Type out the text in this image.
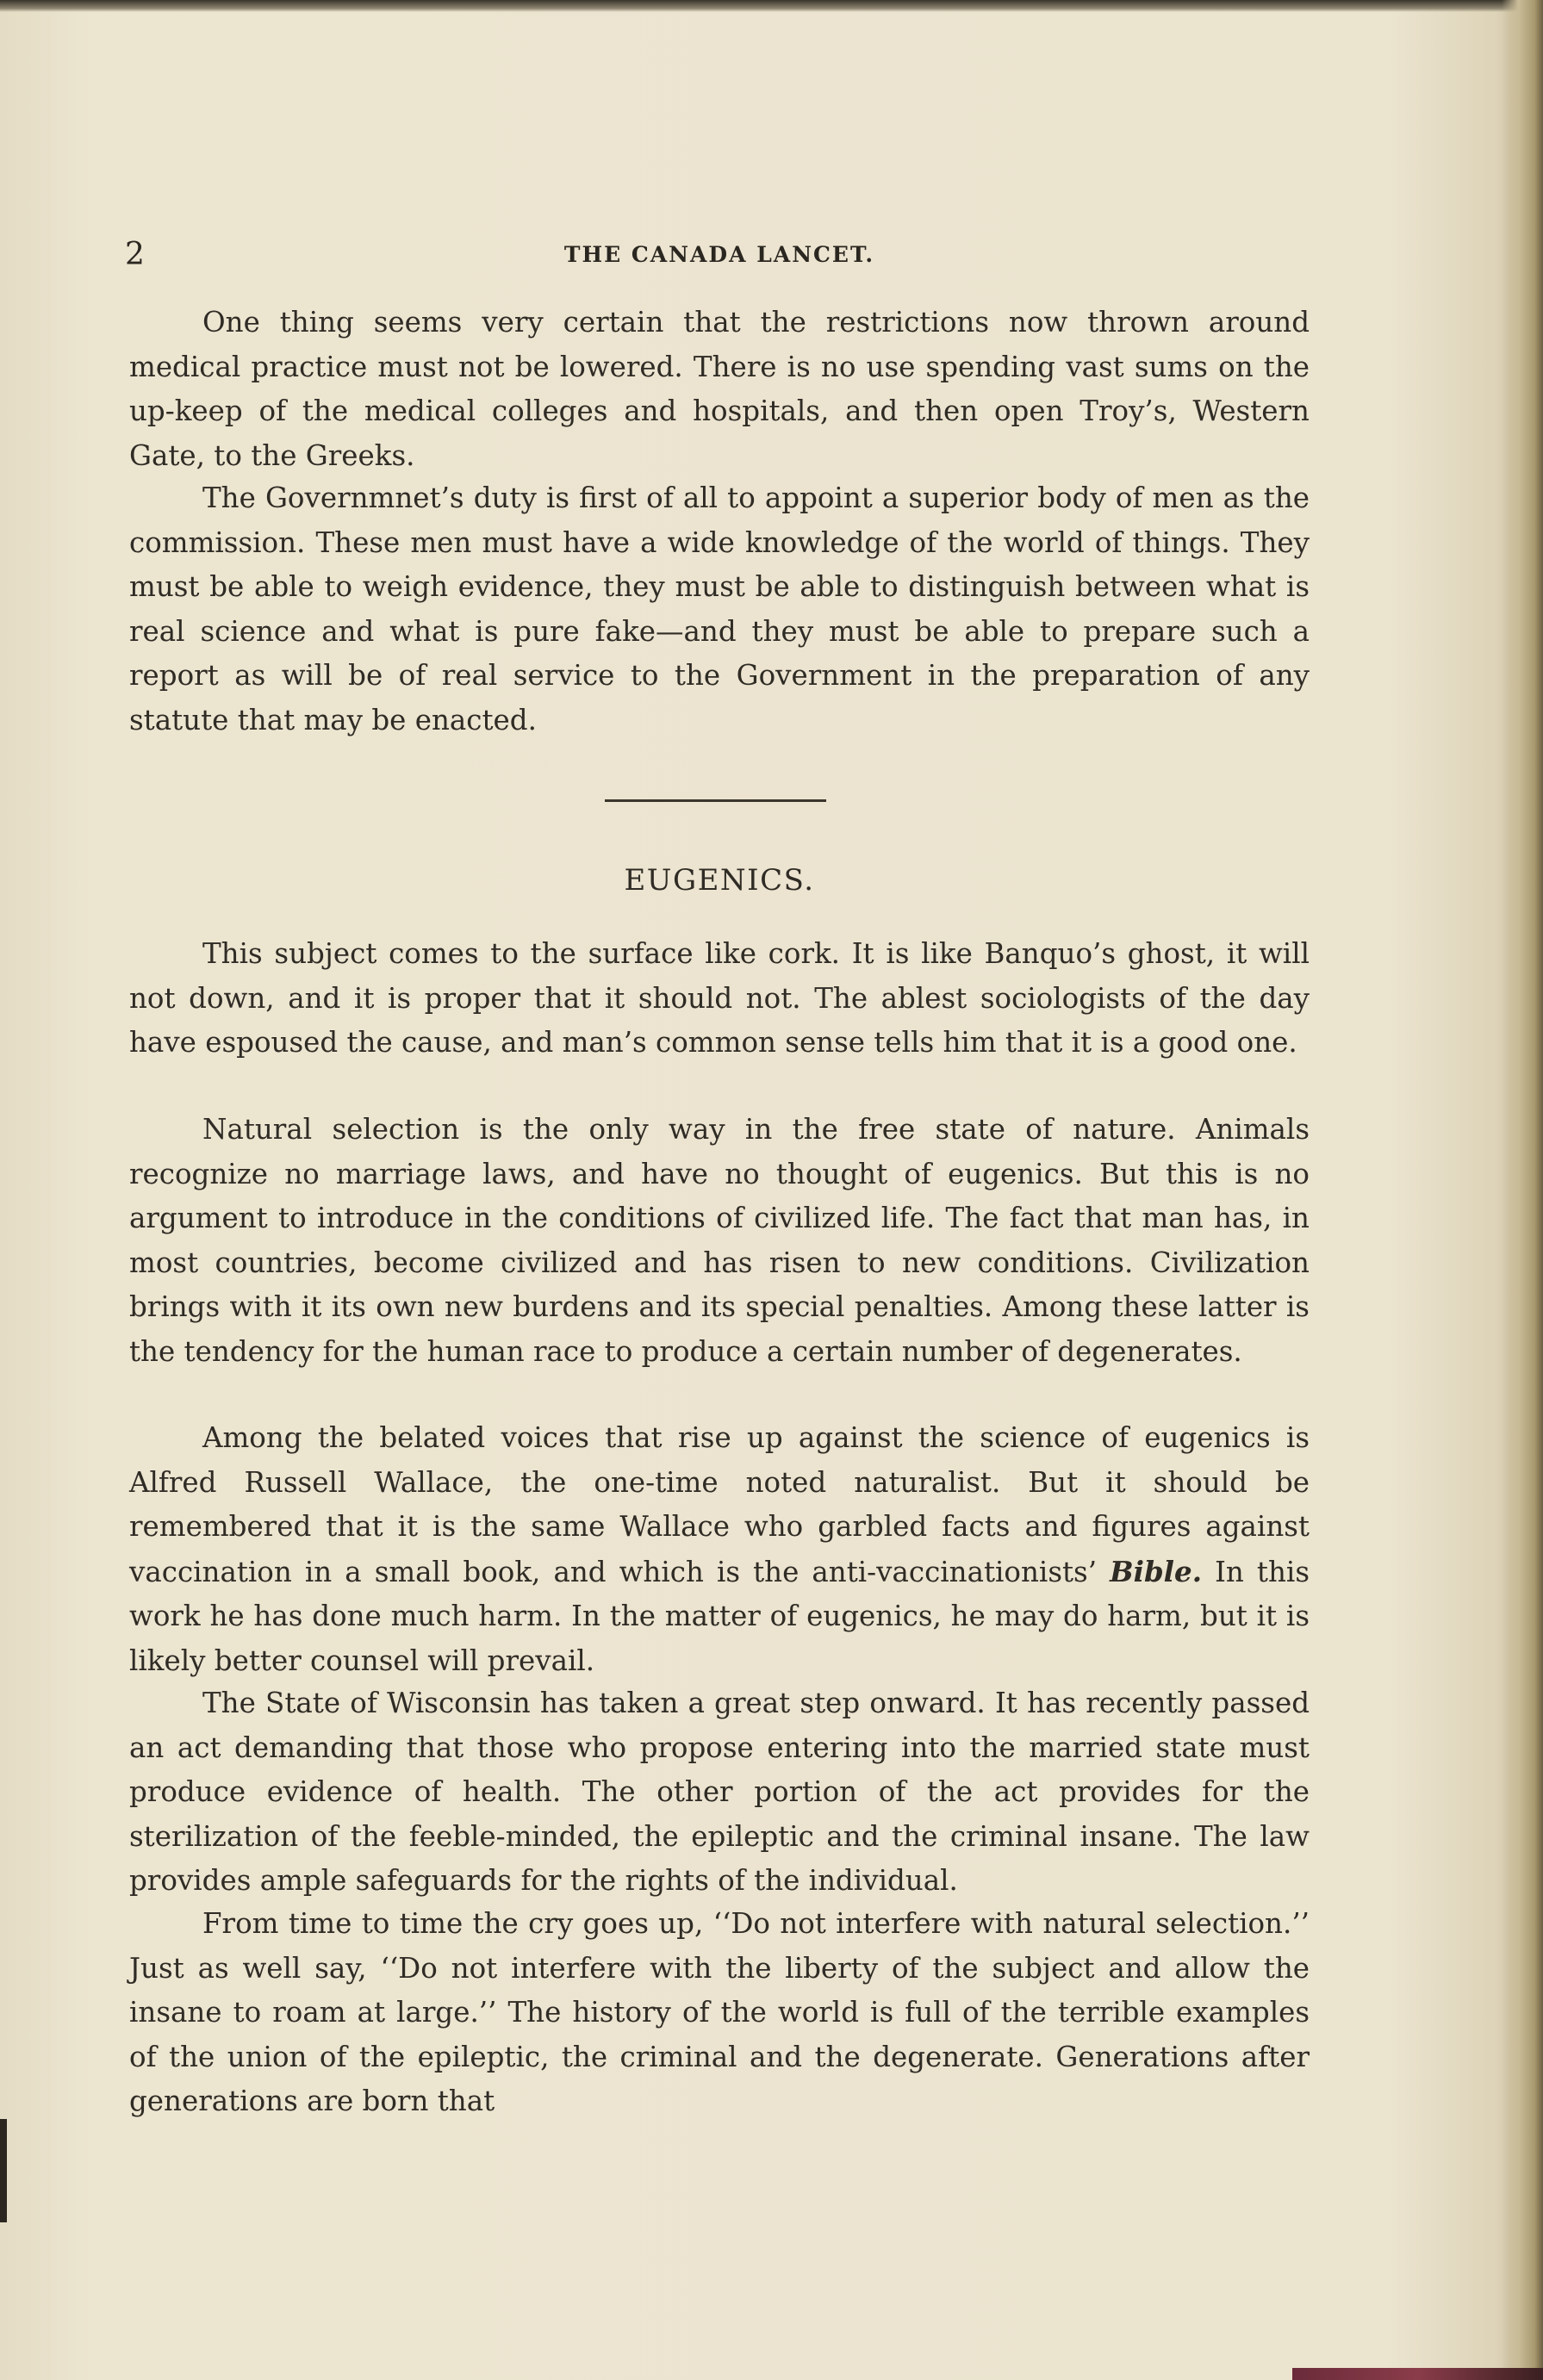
2	THE CANADA LANCET.

One thing seems very certain that the restrictions now thrown around medical practice must not be lowered. There is no use spending vast sums on the up-keep of the medical colleges and hospitals, and then open Troy’s, Western Gate, to the Greeks.

The Governmnet’s duty is first of all to appoint a superior body of men as the commission. These men must have a wide knowledge of the world of things. They must be able to weigh evidence, they must be able to distinguish between what is real science and what is pure fake—and they must be able to prepare such a report as will be of real service to the Government in the preparation of any statute that may be enacted.

EUGENICS.

This subject comes to the surface like cork. It is like Banquo’s ghost, it will not down, and it is proper that it should not. The ablest sociologists of the day have espoused the cause, and man’s common sense tells him that it is a good one.

Natural selection is the only way in the free state of nature. Animals recognize no marriage laws, and have no thought of eugenics. But this is no argument to introduce in the conditions of civilized life. The fact that man has, in most countries, become civilized and has risen to new conditions. Civilization brings with it its own new burdens and its special penalties. Among these latter is the tendency for the human race to produce a certain number of degenerates.

Among the belated voices that rise up against the science of eugenics is Alfred Russell Wallace, the one-time noted naturalist. But it should be remembered that it is the same Wallace who garbled facts and figures against vaccination in a small book, and which is the anti-vaccinationists’ Bible. In this work he has done much harm. In the matter of eugenics, he may do harm, but it is likely better counsel will prevail.

The State of Wisconsin has taken a great step onward. It has recently passed an act demanding that those who propose entering into the married state must produce evidence of health. The other portion of the act provides for the sterilization of the feeble-minded, the epileptic and the criminal insane. The law provides ample safeguards for the rights of the individual.

From time to time the cry goes up, ‘‘Do not interfere with natural selection.’’ Just as well say, ‘‘Do not interfere with the liberty of the subject and allow the insane to roam at large.’’ The history of the world is full of the terrible examples of the union of the epileptic, the criminal and the degenerate. Generations after generations are born that
